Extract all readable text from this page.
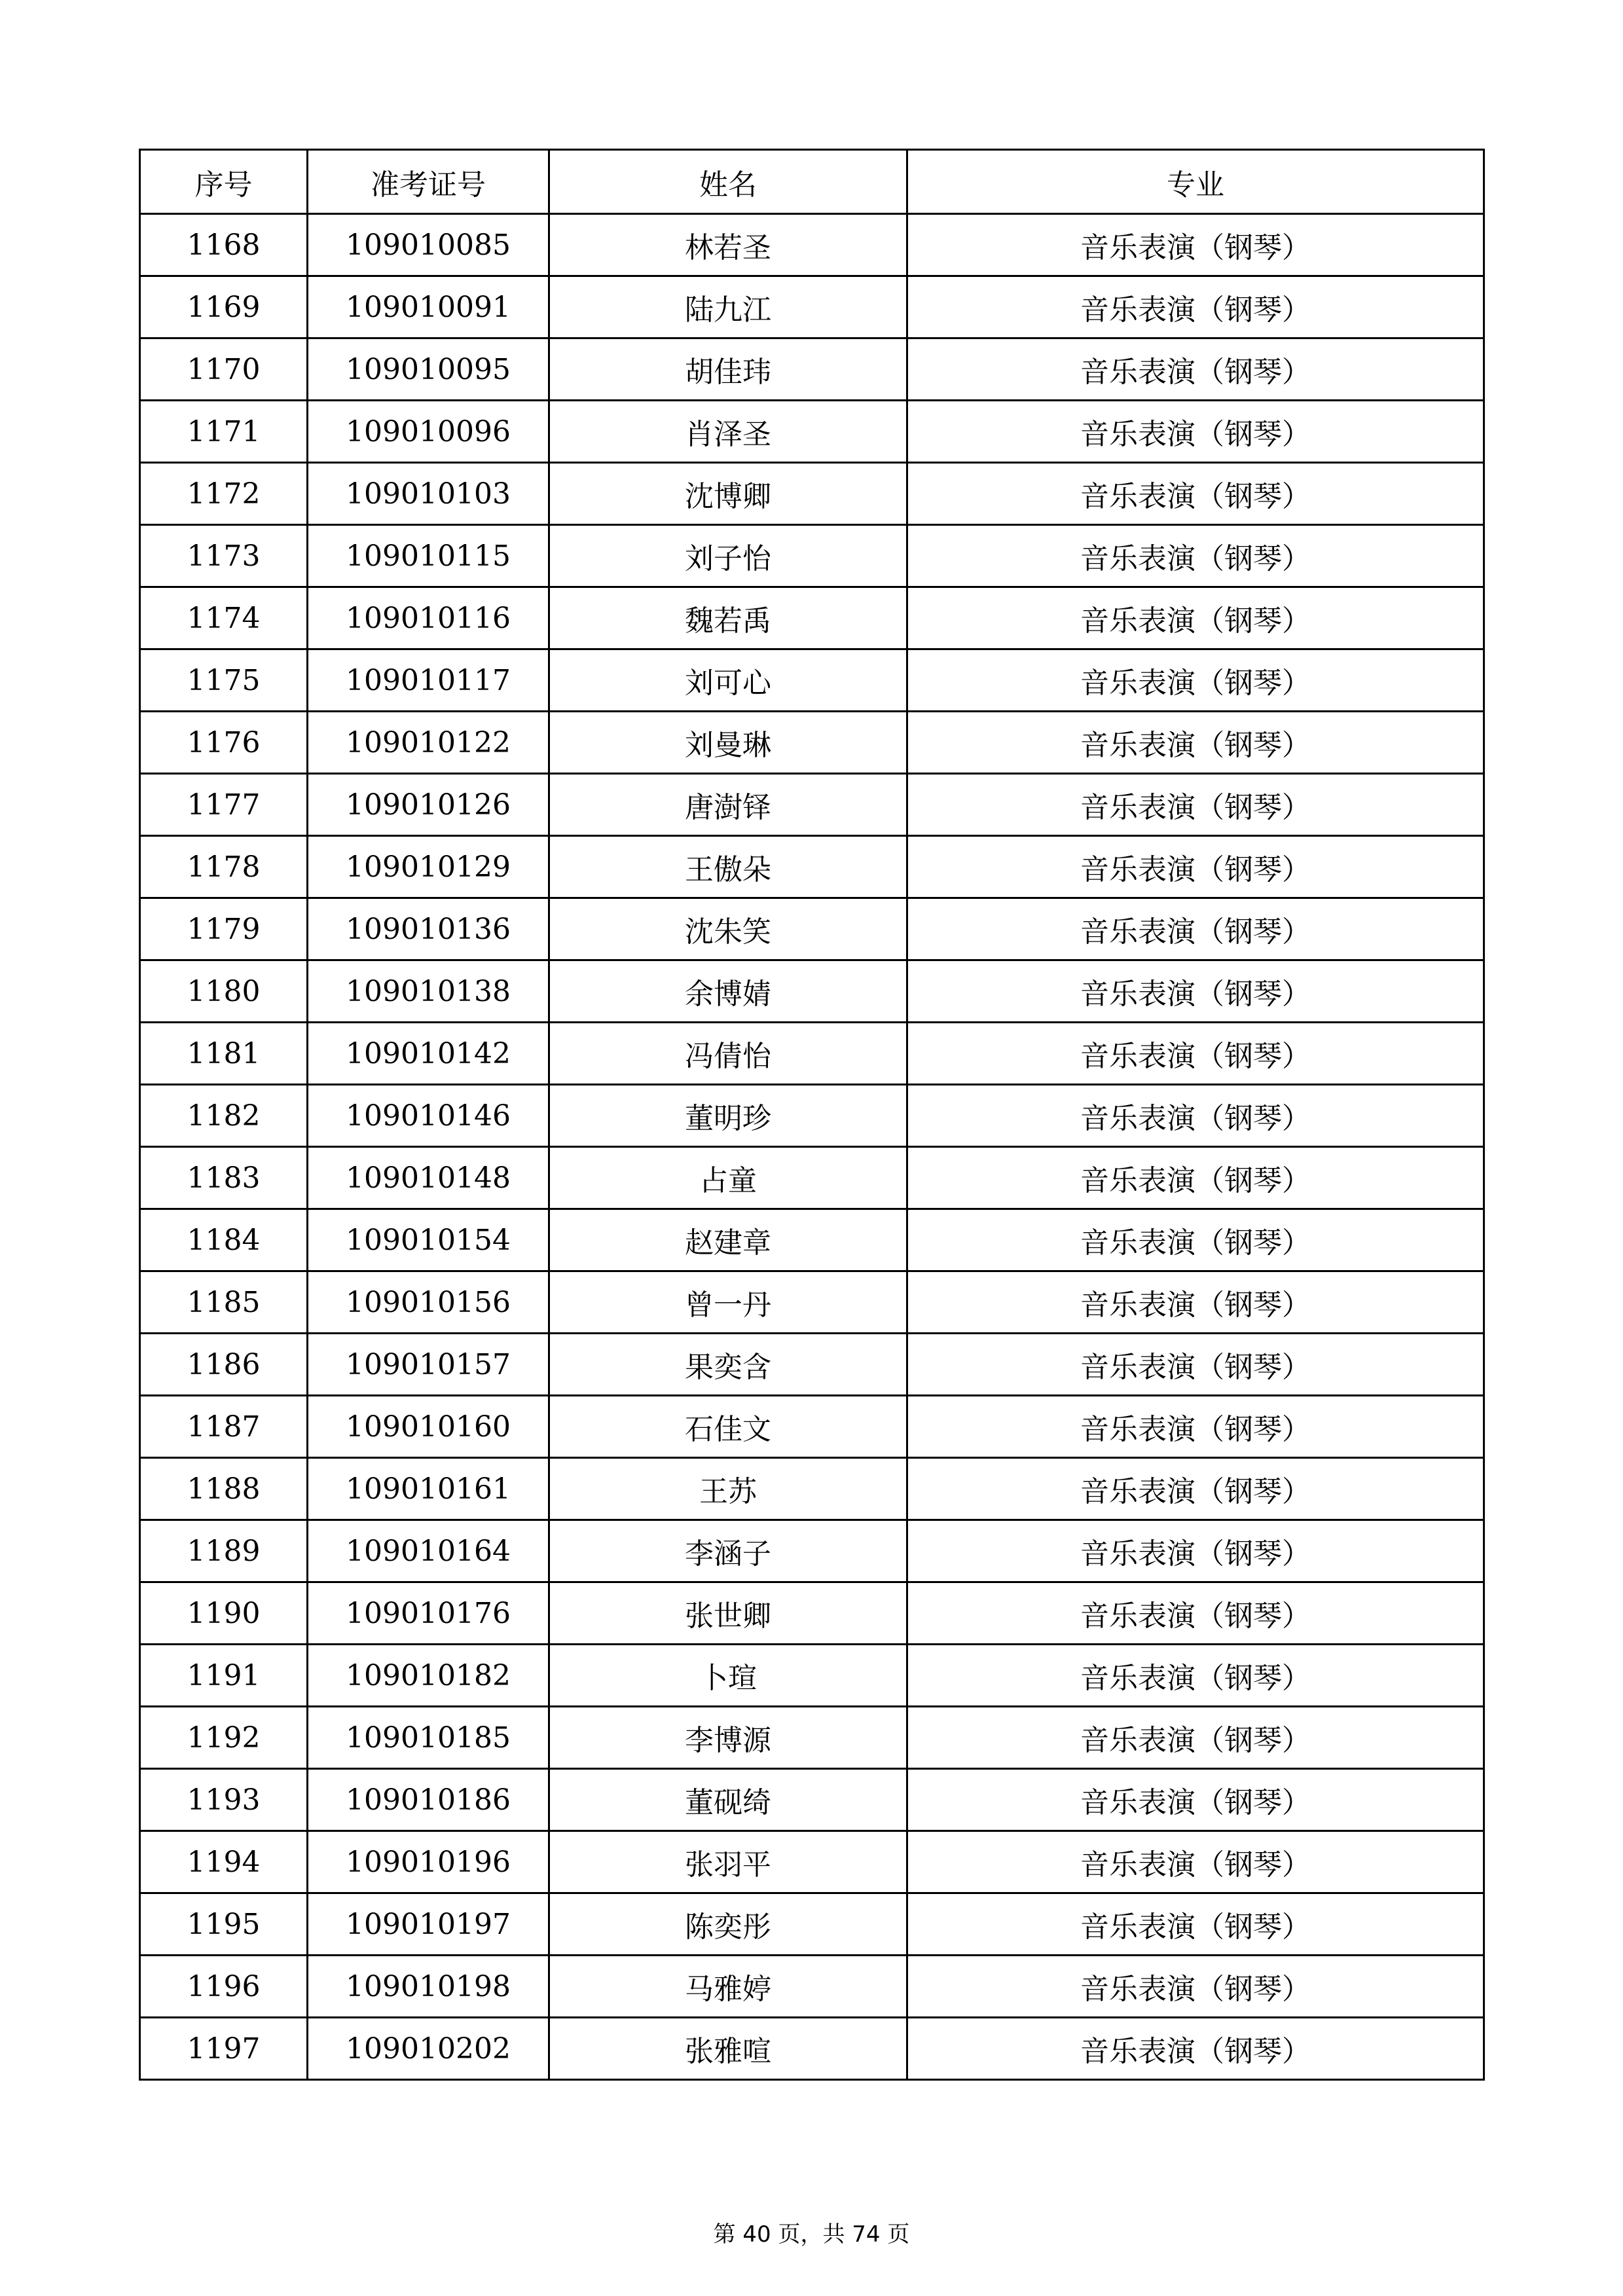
序号	准考证号	姓名	专业
1168	109010085	林若圣	音乐表演（钢琴）
1169	109010091	陆九江	音乐表演（钢琴）
1170	109010095	胡佳玮	音乐表演（钢琴）
1171	109010096	肖泽圣	音乐表演（钢琴）
1172	109010103	沈博卿	音乐表演（钢琴）
1173	109010115	刘子怡	音乐表演（钢琴）
1174	109010116	魏若禹	音乐表演（钢琴）
1175	109010117	刘可心	音乐表演（钢琴）
1176	109010122	刘曼琳	音乐表演（钢琴）
1177	109010126	唐澍铎	音乐表演（钢琴）
1178	109010129	王傲朵	音乐表演（钢琴）
1179	109010136	沈朱笑	音乐表演（钢琴）
1180	109010138	余博婧	音乐表演（钢琴）
1181	109010142	冯倩怡	音乐表演（钢琴）
1182	109010146	董明珍	音乐表演（钢琴）
1183	109010148	占童	音乐表演（钢琴）
1184	109010154	赵建章	音乐表演（钢琴）
1185	109010156	曾一丹	音乐表演（钢琴）
1186	109010157	果奕含	音乐表演（钢琴）
1187	109010160	石佳文	音乐表演（钢琴）
1188	109010161	王苏	音乐表演（钢琴）
1189	109010164	李涵子	音乐表演（钢琴）
1190	109010176	张世卿	音乐表演（钢琴）
1191	109010182	卜瑄	音乐表演（钢琴）
1192	109010185	李博源	音乐表演（钢琴）
1193	109010186	董砚绮	音乐表演（钢琴）
1194	109010196	张羽平	音乐表演（钢琴）
1195	109010197	陈奕彤	音乐表演（钢琴）
1196	109010198	马雅婷	音乐表演（钢琴）
1197	109010202	张雅喧	音乐表演（钢琴）
第 40 页，共 74 页
